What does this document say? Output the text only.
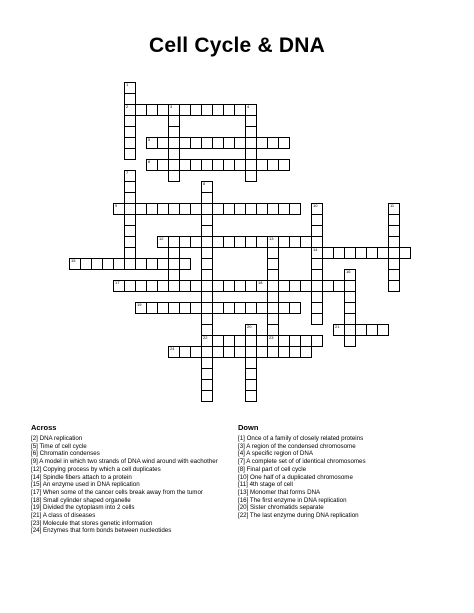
Cell Cycle & DNA
1
2	3	4
7
8
22
10
14
11
13
23
16
20
5
6
9
12
15
17	18
19
21
24
Across
[2] DNA replication
[5] Time of cell cycle
[6] Chromatin condenses
[9] A model in which two strands of DNA wind around with eachother
[12] Copying process by which a cell duplicates
[14] Spindle fibers attach to a protein
[15] An enzyme used in DNA replication
[17] When some of the cancer cells break away from the tumor
[18] Small cylinder shaped organelle
[19] Divided the cytoplasm into 2 cells
[21] A class of diseases
[23] Molecule that stores genetic information
[24] Enzymes that form bonds between nucleotides
Down
[1] Once of a family of closely related proteins
[3] A region of the condensed chromosome
[4] A specific region of DNA
[7] A complete set of of identical chromosomes
[8] Final part of cell cycle
[10] One half of a duplicated chromosome
[11] 4th stage of cell
[13] Monomer that forms DNA
[16] The first enzyme in DNA replication
[20] Sister chromatids separate
[22] The last enzyme during DNA replication
